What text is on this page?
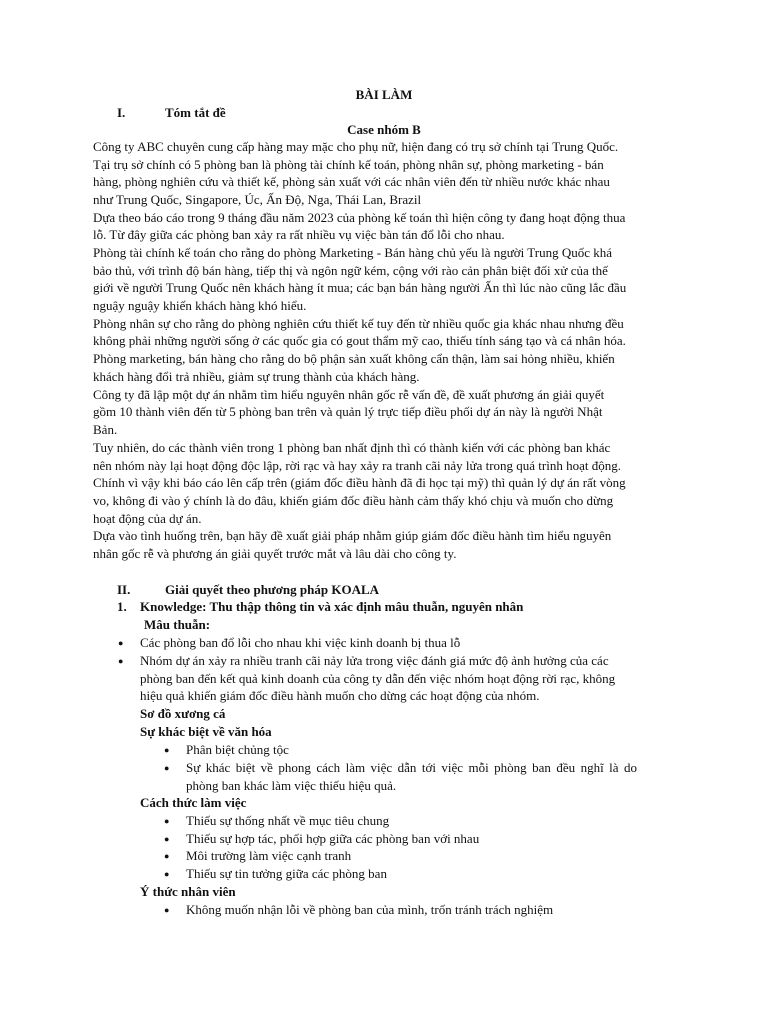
BÀI LÀM
I.	Tóm tắt đề
Case nhóm B
Công ty ABC chuyên cung cấp hàng may mặc cho phụ nữ, hiện đang có trụ sở chính tại Trung Quốc.
Tại trụ sở chính có 5 phòng ban là phòng tài chính kế toán, phòng nhân sự, phòng marketing - bán
hàng, phòng nghiên cứu và thiết kế, phòng sản xuất với các nhân viên đến từ nhiều nước khác nhau
như Trung Quốc, Singapore, Úc, Ấn Độ, Nga, Thái Lan, Brazil
Dựa theo báo cáo trong 9 tháng đầu năm 2023 của phòng kế toán thì hiện công ty đang hoạt động thua
lỗ. Từ đây giữa các phòng ban xảy ra rất nhiều vụ việc bàn tán đổ lỗi cho nhau.
Phòng tài chính kế toán cho rằng do phòng Marketing - Bán hàng chủ yếu là người Trung Quốc khá
bảo thủ, với trình độ bán hàng, tiếp thị và ngôn ngữ kém, cộng với rào cản phân biệt đối xử của thế
giới về người Trung Quốc nên khách hàng ít mua; các bạn bán hàng người Ấn thì lúc nào cũng lắc đầu
nguậy nguậy khiến khách hàng khó hiểu.
Phòng nhân sự cho rằng do phòng nghiên cứu thiết kế tuy đến từ nhiều quốc gia khác nhau nhưng đều
không phải những người sống ở các quốc gia có gout thẩm mỹ cao, thiếu tính sáng tạo và cá nhân hóa.
Phòng marketing, bán hàng cho rằng do bộ phận sản xuất không cẩn thận, làm sai hỏng nhiều, khiến
khách hàng đổi trả nhiều, giảm sự trung thành của khách hàng.
Công ty đã lập một dự án nhằm tìm hiểu nguyên nhân gốc rễ vấn đề, đề xuất phương án giải quyết
gồm 10 thành viên đến từ 5 phòng ban trên và quản lý trực tiếp điều phối dự án này là người Nhật
Bản.
Tuy nhiên, do các thành viên trong 1 phòng ban nhất định thì có thành kiến với các phòng ban khác
nên nhóm này lại hoạt động độc lập, rời rạc và hay xảy ra tranh cãi nảy lửa trong quá trình hoạt động.
Chính vì vậy khi báo cáo lên cấp trên (giám đốc điều hành đã đi học tại mỹ) thì quản lý dự án rất vòng
vo, không đi vào ý chính là do đâu, khiến giám đốc điều hành cảm thấy khó chịu và muốn cho dừng
hoạt động của dự án.
Dựa vào tình huống trên, bạn hãy đề xuất giải pháp nhằm giúp giám đốc điều hành tìm hiểu nguyên
nhân gốc rễ và phương án giải quyết trước mắt và lâu dài cho công ty.
II.	Giải quyết theo phương pháp KOALA
1. Knowledge: Thu thập thông tin và xác định mâu thuẫn, nguyên nhân
Mâu thuẫn:
● Các phòng ban đổ lỗi cho nhau khi việc kinh doanh bị thua lỗ
● Nhóm dự án xảy ra nhiều tranh cãi nảy lửa trong việc đánh giá mức độ ảnh hưởng của các
phòng ban đến kết quả kinh doanh của công ty dẫn đến việc nhóm hoạt động rời rạc, không
hiệu quả khiến giám đốc điều hành muốn cho dừng các hoạt động của nhóm.
Sơ đồ xương cá
Sự khác biệt về văn hóa
● Phân biệt chủng tộc
● Sự khác biệt về phong cách làm việc dẫn tới việc mỗi phòng ban đều nghĩ là do
phòng ban khác làm việc thiếu hiệu quả.
Cách thức làm việc
● Thiếu sự thống nhất về mục tiêu chung
● Thiếu sự hợp tác, phối hợp giữa các phòng ban với nhau
● Môi trường làm việc cạnh tranh
● Thiếu sự tin tưởng giữa các phòng ban
Ý thức nhân viên
● Không muốn nhận lỗi về phòng ban của mình, trốn tránh trách nghiệm
